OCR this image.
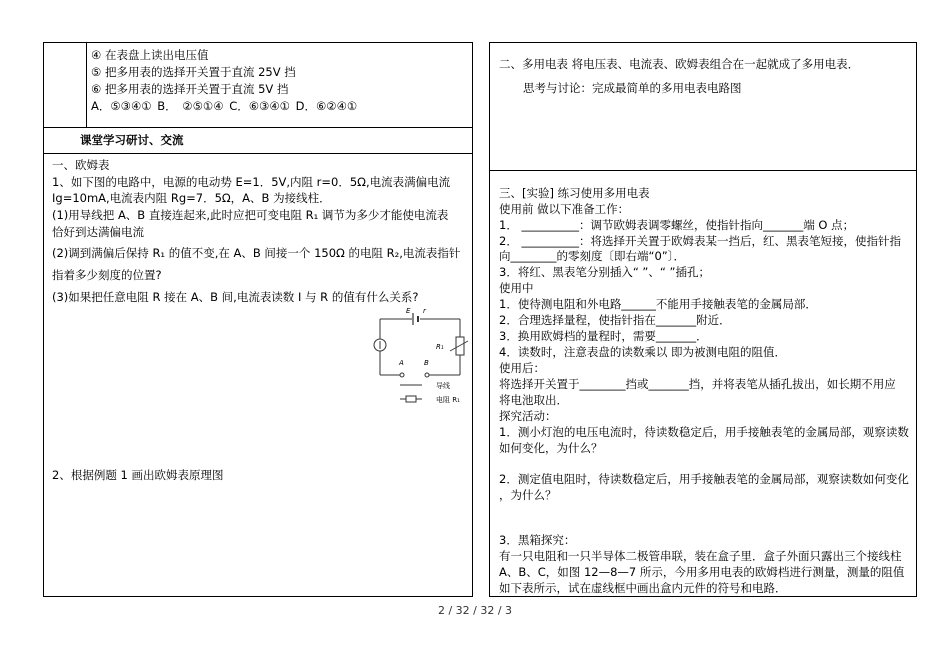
④ 在表盘上读出电压值
⑤ 把多用表的选择开关置于直流 25V 挡
⑥ 把多用表的选择开关置于直流 5V 挡
A．⑤③④① B． ②⑤①④ C．⑥③④① D．⑥②④①
课堂学习研讨、交流
一、欧姆表
1、如下图的电路中，电源的电动势 E=1．5V,内阻 r=0．5Ω,电流表满偏电流
Ig=10mA,电流表内阻 Rg=7．5Ω，A、B 为接线柱．
(1)用导线把 A、B 直接连起来,此时应把可变电阻 R₁ 调节为多少才能使电流表
恰好到达满偏电流
(2)调到满偏后保持 R₁ 的值不变,在 A、B 间接一个 150Ω 的电阻 R₂,电流表指针
指着多少刻度的位置?
(3)如果把任意电阻 R 接在 A、B 间,电流表读数 I 与 R 的值有什么关系?
E r
R₁
A	B
导线
电阻 R₁
2、根据例题 1 画出欧姆表原理图
二、多用电表 将电压表、电流表、欧姆表组合在一起就成了多用电表．
思考与讨论：完成最简单的多用电表电路图
三、[实验] 练习使用多用电表
使用前 做以下准备工作：
1． __________：调节欧姆表调零螺丝，使指针指向_______端 O 点；
2． __________：将选择开关置于欧姆表某一挡后，红、黑表笔短接，使指针指
向________的零刻度〔即右端“0”〕．
3．将红、黑表笔分别插入“ ”、“ ”插孔；
使用中
1．使待测电阻和外电路______不能用手接触表笔的金属局部．
2．合理选择量程，使指针指在_______附近．
3．换用欧姆档的量程时，需要_______．
4．读数时，注意表盘的读数乘以 即为被测电阻的阻值．
使用后：
将选择开关置于________挡或_______挡，并将表笔从插孔拔出，如长期不用应
将电池取出．
探究活动：
1．测小灯泡的电压电流时，待读数稳定后，用手接触表笔的金属局部，观察读数
如何变化，为什么？
2．测定值电阻时，待读数稳定后，用手接触表笔的金属局部，观察读数如何变化
，为什么？
3．黑箱探究：
有一只电阻和一只半导体二极管串联，装在盒子里．盒子外面只露出三个接线柱
A、B、C，如图 12—8—7 所示，今用多用电表的欧姆档进行测量，测量的阻值
如下表所示，试在虚线框中画出盒内元件的符号和电路．
2 / 32 / 32 / 3
